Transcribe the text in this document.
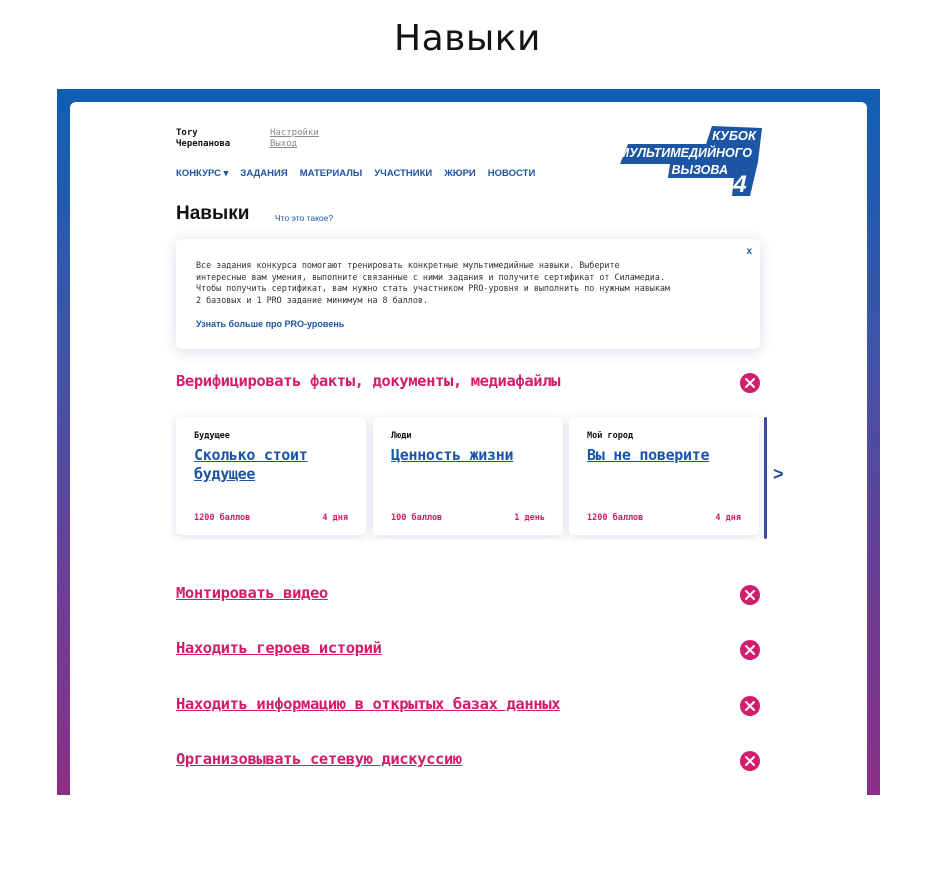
Навыки
Tory
Черепанова
Настройки
Выход
КОНКУРС ▾ ЗАДАНИЯ МАТЕРИАЛЫ УЧАСТНИКИ ЖЮРИ НОВОСТИ
КУБОК
МУЛЬТИМЕДИЙНОГО
ВЫЗОВА
4
Навыки	Что это такое?
x
Все задания конкурса помогают тренировать конкретные мультимедийные навыки. Выберите
интересные вам умения, выполните связанные с ними задания и получите сертификат от Силамедиа.
Чтобы получить сертификат, вам нужно стать участником PRO-уровня и выполнить по нужным навыкам
2 базовых и 1 PRO задание минимум на 8 баллов.
Узнать больше про PRO-уровень
Верифицировать факты, документы, медиафайлы
Будущее
Сколько стоит будущее
1200 баллов	4 дня
Люди
Ценность жизни
100 баллов	1 день
Мой город
Вы не поверите
1200 баллов	4 дня
>
Монтировать видео
Находить героев историй
Находить информацию в открытых базах данных
Организовывать сетевую дискуссию
